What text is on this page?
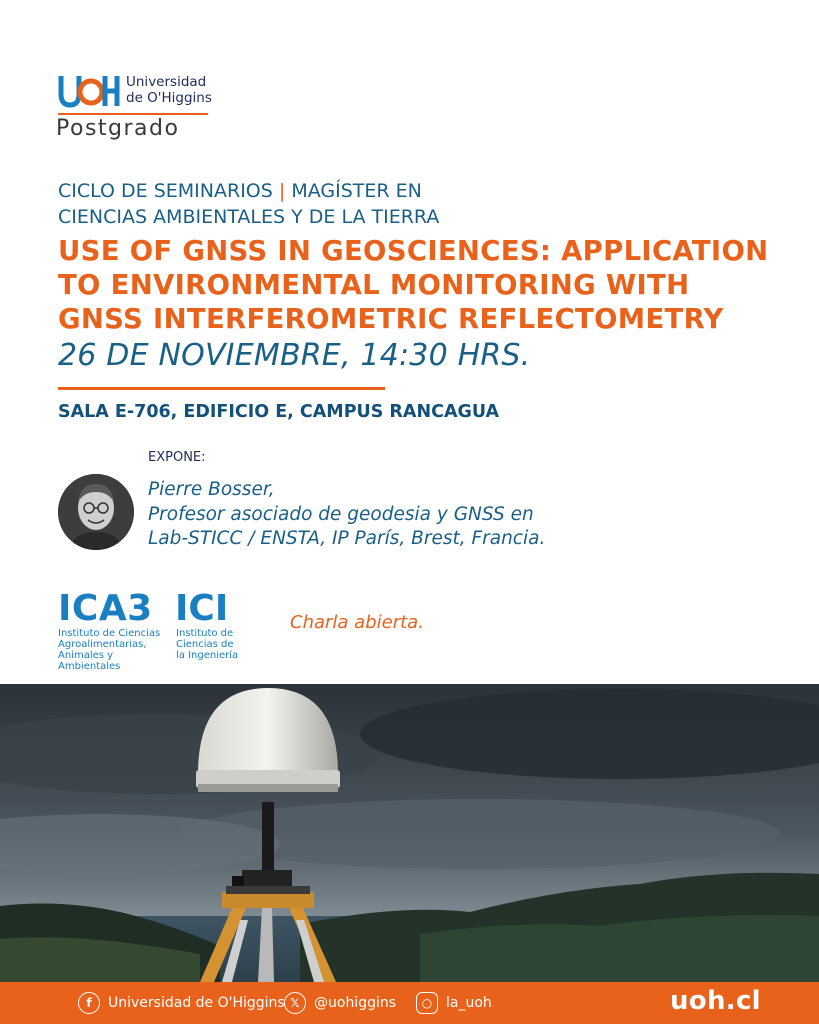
Universidad
de O'Higgins
Postgrado
CICLO DE SEMINARIOS | MAGÍSTER EN
CIENCIAS AMBIENTALES Y DE LA TIERRA
USE OF GNSS IN GEOSCIENCES: APPLICATION
TO ENVIRONMENTAL MONITORING WITH
GNSS INTERFEROMETRIC REFLECTOMETRY
26 DE NOVIEMBRE, 14:30 HRS.
SALA E-706, EDIFICIO E, CAMPUS RANCAGUA
EXPONE:
Pierre Bosser,
Profesor asociado de geodesia y GNSS en
Lab-STICC / ENSTA, IP París, Brest, Francia.
ICA3
Instituto de Ciencias
Agroalimentarias,
Animales y
Ambientales
ICI
Instituto de
Ciencias de
la Ingeniería
Charla abierta.
f	Universidad de O'Higgins 𝕏	@uohiggins	○ la_uoh	uoh.cl
